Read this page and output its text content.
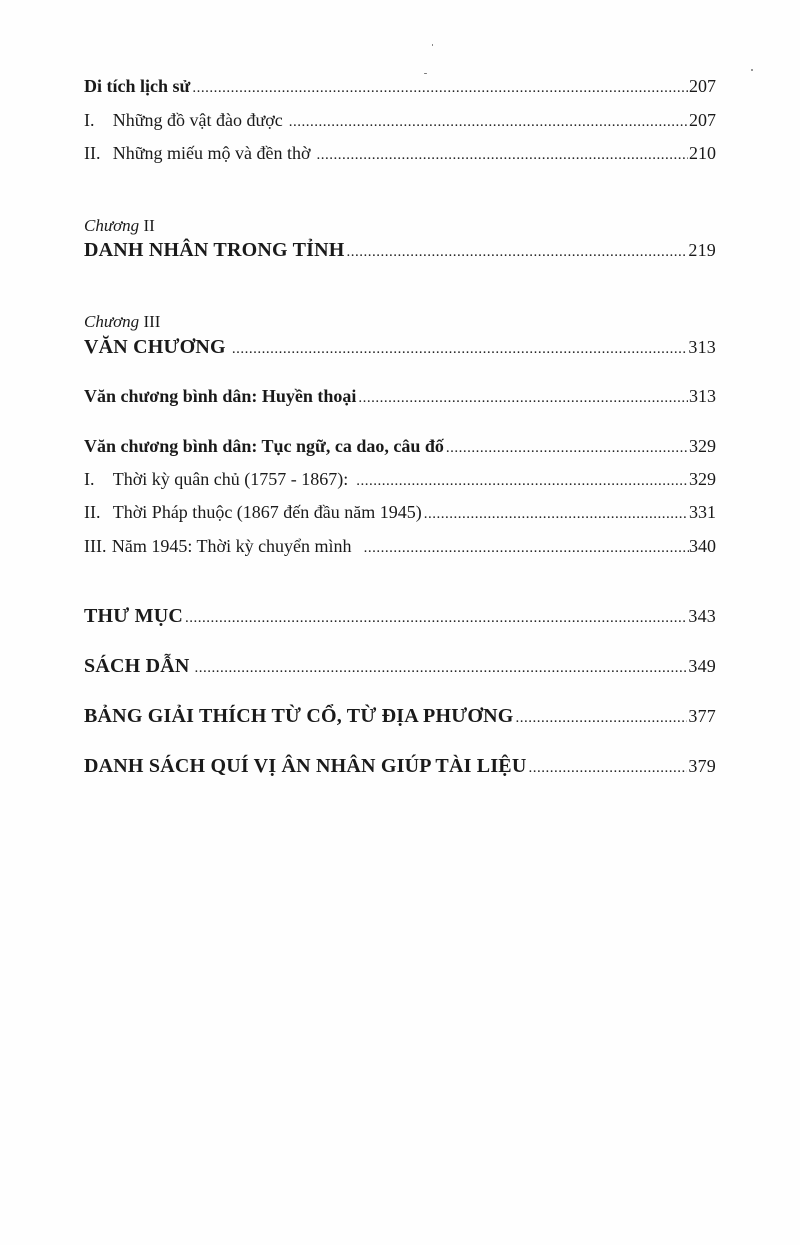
Di tích lịch sử .....	207
I. Những đồ vật đào được .....	207
II. Những miếu mộ và đền thờ .....	210
Chương II
DANH NHÂN TRONG TỈNH .....	219
Chương III
VĂN CHƯƠNG .....	313
Văn chương bình dân: Huyền thoại .....	313
Văn chương bình dân: Tục ngữ, ca dao, câu đố .....	329
I. Thời kỳ quân chủ (1757 - 1867): .....	329
II. Thời Pháp thuộc (1867 đến đầu năm 1945) .....	331
III. Năm 1945: Thời kỳ chuyển mình .....	340
THƯ MỤC .....	343
SÁCH DẪN .....	349
BẢNG GIẢI THÍCH TỪ CỔ, TỪ ĐỊA PHƯƠNG .....	377
DANH SÁCH QUÍ VỊ ÂN NHÂN GIÚP TÀI LIỆU .....	379
